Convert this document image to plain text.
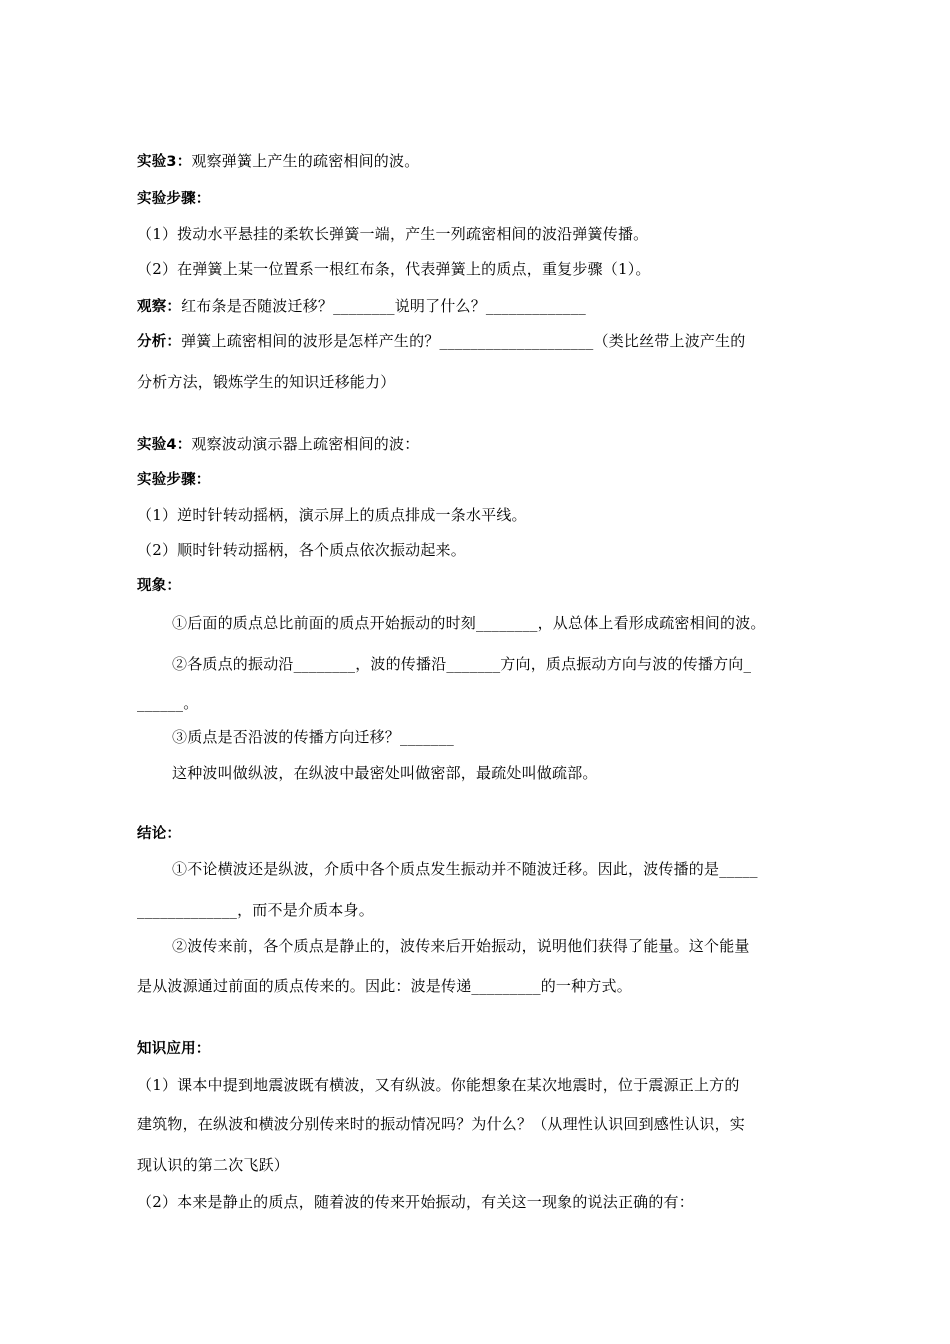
实验3：观察弹簧上产生的疏密相间的波。
实验步骤：
（1）拨动水平悬挂的柔软长弹簧一端，产生一列疏密相间的波沿弹簧传播。
（2）在弹簧上某一位置系一根红布条，代表弹簧上的质点，重复步骤（1）。
观察：红布条是否随波迁移？________说明了什么？_____________
分析：弹簧上疏密相间的波形是怎样产生的？____________________（类比丝带上波产生的
分析方法，锻炼学生的知识迁移能力）
实验4：观察波动演示器上疏密相间的波：
实验步骤：
（1）逆时针转动摇柄，演示屏上的质点排成一条水平线。
（2）顺时针转动摇柄，各个质点依次振动起来。
现象：
①后面的质点总比前面的质点开始振动的时刻________，从总体上看形成疏密相间的波。
②各质点的振动沿________，波的传播沿_______方向，质点振动方向与波的传播方向_
______。
③质点是否沿波的传播方向迁移？_______
这种波叫做纵波，在纵波中最密处叫做密部，最疏处叫做疏部。
结论：
①不论横波还是纵波，介质中各个质点发生振动并不随波迁移。因此，波传播的是_____
_____________，而不是介质本身。
②波传来前，各个质点是静止的，波传来后开始振动，说明他们获得了能量。这个能量
是从波源通过前面的质点传来的。因此：波是传递_________的一种方式。
知识应用：
（1）课本中提到地震波既有横波，又有纵波。你能想象在某次地震时，位于震源正上方的
建筑物，在纵波和横波分别传来时的振动情况吗？为什么？（从理性认识回到感性认识，实
现认识的第二次飞跃）
（2）本来是静止的质点，随着波的传来开始振动，有关这一现象的说法正确的有：
